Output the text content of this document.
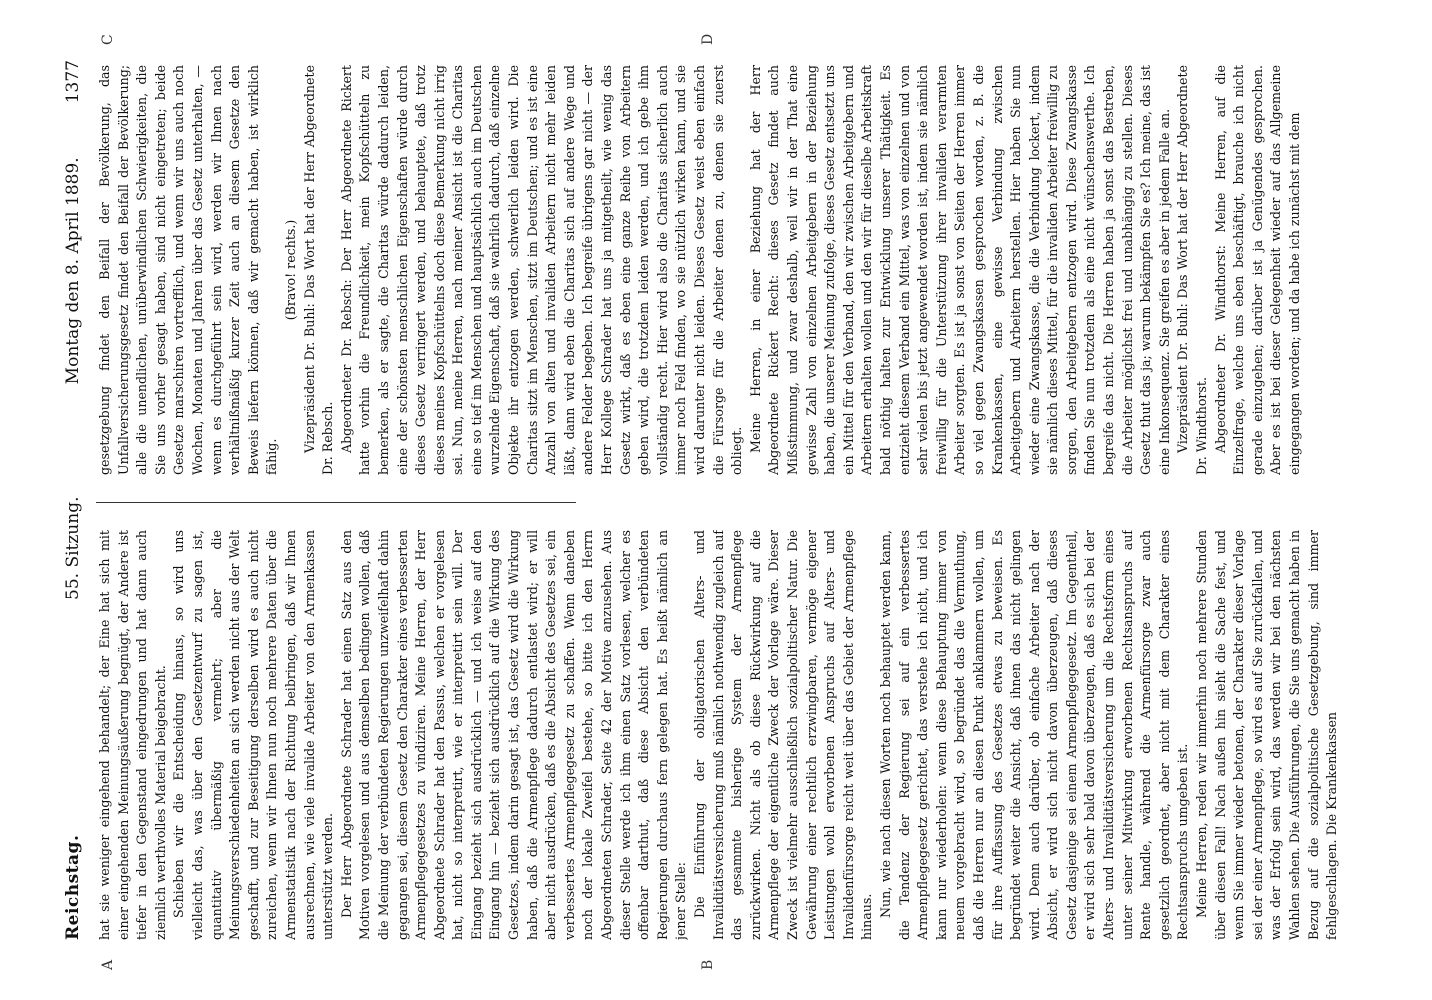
Reichstag.
55. Sitzung.
Montag den 8. April 1889.          1377
A	B
C	D

hat sie weniger eingehend behandelt; der Eine hat sich mit einer eingehenden Meinungsäußerung begnügt, der Andere ist tiefer in den Gegenstand eingedrungen und hat dann auch ziemlich werthvolles Material beigebracht. Schieben wir die Entscheidung hinaus, so wird uns vielleicht das, was über den Gesetzentwurf zu sagen ist, quantitativ übermäßig vermehrt; aber die Meinungsverschiedenheiten an sich werden nicht aus der Welt geschafft, und zur Beseitigung derselben wird es auch nicht zureichen, wenn wir Ihnen nun noch mehrere Daten über die Armenstatistik nach der Richtung beibringen, daß wir Ihnen ausrechnen, wie viele invalide Arbeiter von den Armenkassen unterstützt werden. Der Herr Abgeordnete Schrader hat einen Satz aus den Motiven vorgelesen und aus demselben bedingen wollen, daß die Meinung der verbündeten Regierungen unzweifelhaft dahin gegangen sei, diesem Gesetz den Charakter eines verbesserten Armenpflegegesetzes zu vindiziren. Meine Herren, der Herr Abgeordnete Schrader hat den Passus, welchen er vorgelesen hat, nicht so interpretirt, wie er interpretirt sein will. Der Eingang bezieht sich ausdrücklich — und ich weise auf den Eingang hin — bezieht sich ausdrücklich auf die Wirkung des Gesetzes, indem darin gesagt ist, das Gesetz wird die Wirkung haben, daß die Armenpflege dadurch entlastet wird; er will aber nicht ausdrücken, daß es die Absicht des Gesetzes sei, ein verbessertes Armenpflegegesetz zu schaffen. Wenn daneben noch der lokale Zweifel bestehe, so bitte ich den Herrn Abgeordneten Schrader, Seite 42 der Motive anzusehen. Aus dieser Stelle werde ich ihm einen Satz vorlesen, welcher es offenbar darthut, daß diese Absicht den verbündeten Regierungen durchaus fern gelegen hat. Es heißt nämlich an jener Stelle: Die Einführung der obligatorischen Alters- und Invaliditätsversicherung muß nämlich nothwendig zugleich auf das gesammte bisherige System der Armenpflege zurückwirken. Nicht als ob diese Rückwirkung auf die Armenpflege der eigentliche Zweck der Vorlage wäre. Dieser Zweck ist vielmehr ausschließlich sozialpolitischer Natur. Die Gewährung einer rechtlich erzwingbaren, vermöge eigener Leistungen wohl erworbenen Anspruchs auf Alters- und Invalidenfürsorge reicht weit über das Gebiet der Armenpflege hinaus. Nun, wie nach diesen Worten noch behauptet werden kann, die Tendenz der Regierung sei auf ein verbessertes Armenpflegegesetz gerichtet, das verstehe ich nicht, und ich kann nur wiederholen: wenn diese Behauptung immer von neuem vorgebracht wird, so begründet das die Vermuthung, daß die Herren nur an diesen Punkt anklammern wollen, um für ihre Auffassung des Gesetzes etwas zu beweisen. Es begründet weiter die Ansicht, daß ihnen das nicht gelingen wird. Denn auch darüber, ob einfache Arbeiter nach der Absicht, er wird sich nicht davon überzeugen, daß dieses Gesetz dasjenige sei einem Armenpflegegesetz. Im Gegentheil, er wird sich sehr bald davon überzeugen, daß es sich bei der Alters- und Invaliditätsversicherung um die Rechtsform eines unter seiner Mitwirkung erworbenen Rechtsanspruchs auf Rente handle, während die Armenfürsorge zwar auch gesetzlich geordnet, aber nicht mit dem Charakter eines Rechtsanspruchs umgeben ist. Meine Herren, reden wir immerhin noch mehrere Stunden über diesen Fall! Nach außen hin sieht die Sache fest, und wenn Sie immer wieder betonen, der Charakter dieser Vorlage sei der einer Armenpflege, so wird es auf Sie zurückfallen, und was der Erfolg sein wird, das werden wir bei den nächsten Wahlen sehen. Die Ausführungen, die Sie uns gemacht haben in Bezug auf die sozialpolitische Gesetzgebung, sind immer fehlgeschlagen. Die Krankenkassen

gesetzgebung findet den Beifall der Bevölkerung, das Unfallversicherungsgesetz findet den Beifall der Bevölkerung; alle die unendlichen, unüberwindlichen Schwierigkeiten, die Sie uns vorher gesagt haben, sind nicht eingetreten; beide Gesetze marschiren vortrefflich, und wenn wir uns auch noch Wochen, Monaten und Jahren über das Gesetz unterhalten, — wenn es durchgeführt sein wird, werden wir Ihnen nach verhältnißmäßig kurzer Zeit auch an diesem Gesetze den Beweis liefern können, daß wir gemacht haben, ist wirklich fähig.

(Bravo! rechts.) Vizepräsident Dr. Buhl: Das Wort hat der Herr Abgeordnete Dr. Rebsch. Abgeordneter Dr. Rebsch: Der Herr Abgeordnete Rickert hatte vorhin die Freundlichkeit, mein Kopfschütteln zu bemerken, als er sagte, die Charitas würde dadurch leiden, eine der schönsten menschlichen Eigenschaften würde durch dieses Gesetz verringert werden, und behauptete, daß trotz dieses meines Kopfschüttelns doch diese Bemerkung nicht irrig sei. Nun, meine Herren, nach meiner Ansicht ist die Charitas eine so tief im Menschen und hauptsächlich auch im Deutschen wurzelnde Eigenschaft, daß sie wahrlich dadurch, daß einzelne Objekte ihr entzogen werden, schwerlich leiden wird. Die Charitas sitzt im Menschen, sitzt im Deutschen; und es ist eine Anzahl von alten und invaliden Arbeitern nicht mehr leiden läßt, dann wird eben die Charitas sich auf andere Wege und andere Felder begeben. Ich begreife übrigens gar nicht — der Herr Kollege Schrader hat uns ja mitgetheilt, wie wenig das Gesetz wirkt, daß es eben eine ganze Reihe von Arbeitern geben wird, die trotzdem leiden werden, und ich gebe ihm vollständig recht. Hier wird also die Charitas sicherlich auch immer noch Feld finden, wo sie nützlich wirken kann, und sie wird darunter nicht leiden. Dieses Gesetz weist eben einfach die Fürsorge für die Arbeiter denen zu, denen sie zuerst obliegt. Meine Herren, in einer Beziehung hat der Herr Abgeordnete Rickert Recht: dieses Gesetz findet auch Mißstimmung, und zwar deshalb, weil wir in der That eine gewisse Zahl von einzelnen Arbeitgebern in der Beziehung haben, die unserer Meinung zufolge, dieses Gesetz entsetzt uns ein Mittel für den Verband, den wir zwischen Arbeitgebern und Arbeitern erhalten wollen und den wir für dieselbe Arbeitskraft bald nöthig halten zur Entwicklung unserer Thätigkeit. Es entzieht diesem Verband ein Mittel, was von einzelnen und von sehr vielen bis jetzt angewendet worden ist, indem sie nämlich freiwillig für die Unterstützung ihrer invaliden verarmten Arbeiter sorgten. Es ist ja sonst von Seiten der Herren immer so viel gegen Zwangskassen gesprochen worden, z. B. die Krankenkassen, eine gewisse Verbindung zwischen Arbeitgebern und Arbeitern herstellen. Hier haben Sie nun wieder eine Zwangskasse, die die Verbindung lockert, indem sie nämlich dieses Mittel, für die invaliden Arbeiter freiwillig zu sorgen, den Arbeitgebern entzogen wird. Diese Zwangskasse finden Sie nun trotzdem als eine nicht wünschenswerthe. Ich begreife das nicht. Die Herren haben ja sonst das Bestreben, die Arbeiter möglichst frei und unabhängig zu stellen. Dieses Gesetz thut das ja; warum bekämpfen Sie es? Ich meine, das ist eine Inkonsequenz. Sie greifen es aber in jedem Falle an. Vizepräsident Dr. Buhl: Das Wort hat der Herr Abgeordnete Dr. Windthorst. Abgeordneter Dr. Windthorst: Meine Herren, auf die Einzelfrage, welche uns eben beschäftigt, brauche ich nicht gerade einzugehen; darüber ist ja Genügendes gesprochen. Aber es ist bei dieser Gelegenheit wieder auf das Allgemeine eingegangen worden; und da habe ich zunächst mit dem
